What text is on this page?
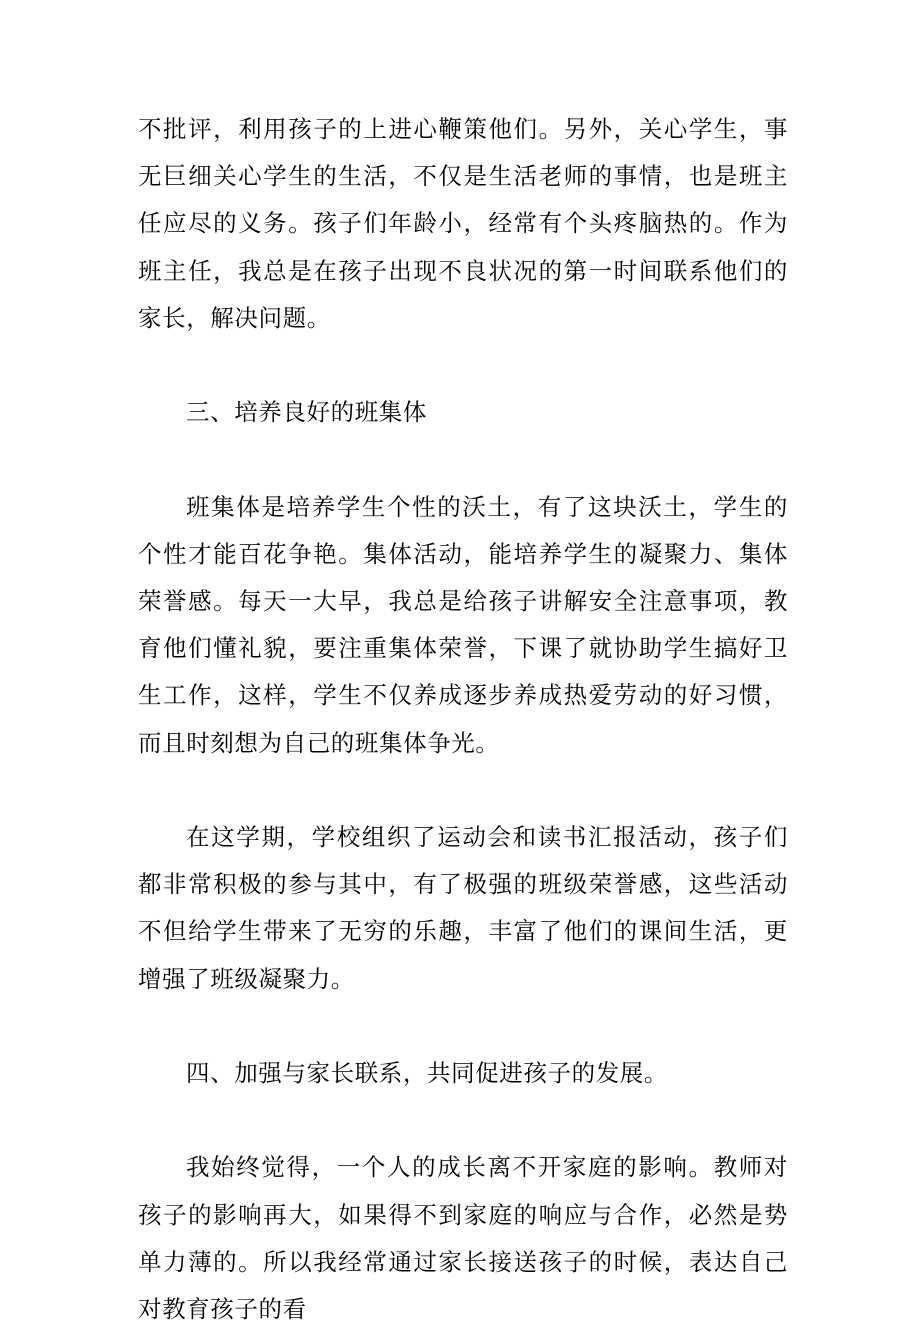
不批评，利用孩子的上进心鞭策他们。另外，关心学生，事无巨细关心学生的生活，不仅是生活老师的事情，也是班主任应尽的义务。孩子们年龄小，经常有个头疼脑热的。作为班主任，我总是在孩子出现不良状况的第一时间联系他们的家长，解决问题。

三、培养良好的班集体

班集体是培养学生个性的沃土，有了这块沃土，学生的个性才能百花争艳。集体活动，能培养学生的凝聚力、集体荣誉感。每天一大早，我总是给孩子讲解安全注意事项，教育他们懂礼貌，要注重集体荣誉，下课了就协助学生搞好卫生工作，这样，学生不仅养成逐步养成热爱劳动的好习惯，而且时刻想为自己的班集体争光。

在这学期，学校组织了运动会和读书汇报活动，孩子们都非常积极的参与其中，有了极强的班级荣誉感，这些活动不但给学生带来了无穷的乐趣，丰富了他们的课间生活，更增强了班级凝聚力。

四、加强与家长联系，共同促进孩子的发展。

我始终觉得，一个人的成长离不开家庭的影响。教师对孩子的影响再大，如果得不到家庭的响应与合作，必然是势单力薄的。所以我经常通过家长接送孩子的时候，表达自己对教育孩子的看
